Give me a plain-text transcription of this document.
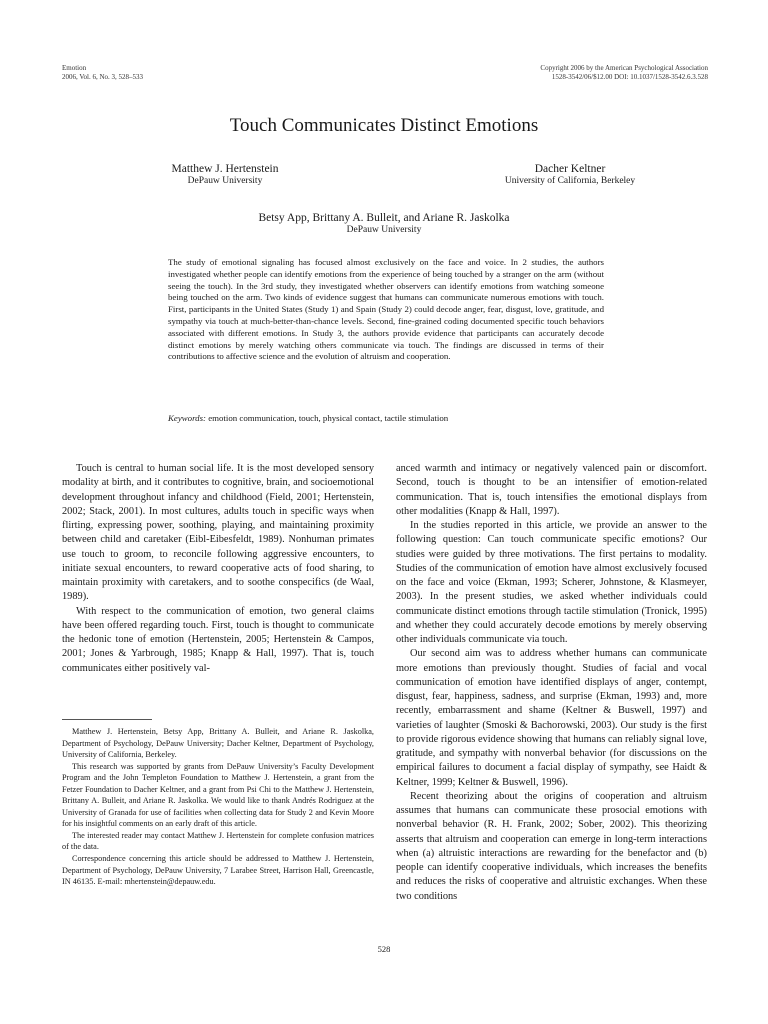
Emotion
2006, Vol. 6, No. 3, 528–533
Copyright 2006 by the American Psychological Association
1528-3542/06/$12.00 DOI: 10.1037/1528-3542.6.3.528
Touch Communicates Distinct Emotions
Matthew J. Hertenstein
DePauw University
Dacher Keltner
University of California, Berkeley
Betsy App, Brittany A. Bulleit, and Ariane R. Jaskolka
DePauw University
The study of emotional signaling has focused almost exclusively on the face and voice. In 2 studies, the authors investigated whether people can identify emotions from the experience of being touched by a stranger on the arm (without seeing the touch). In the 3rd study, they investigated whether observers can identify emotions from watching someone being touched on the arm. Two kinds of evidence suggest that humans can communicate numerous emotions with touch. First, participants in the United States (Study 1) and Spain (Study 2) could decode anger, fear, disgust, love, gratitude, and sympathy via touch at much-better-than-chance levels. Second, fine-grained coding documented specific touch behaviors associated with different emotions. In Study 3, the authors provide evidence that participants can accurately decode distinct emotions by merely watching others communicate via touch. The findings are discussed in terms of their contributions to affective science and the evolution of altruism and cooperation.
Keywords: emotion communication, touch, physical contact, tactile stimulation

Touch is central to human social life. It is the most developed sensory modality at birth, and it contributes to cognitive, brain, and socioemotional development throughout infancy and childhood (Field, 2001; Hertenstein, 2002; Stack, 2001). In most cultures, adults touch in specific ways when flirting, expressing power, soothing, playing, and maintaining proximity between child and caretaker (Eibl-Eibesfeldt, 1989). Nonhuman primates use touch to groom, to reconcile following aggressive encounters, to initiate sexual encounters, to reward cooperative acts of food sharing, to maintain proximity with caretakers, and to soothe conspecifics (de Waal, 1989).

With respect to the communication of emotion, two general claims have been offered regarding touch. First, touch is thought to communicate the hedonic tone of emotion (Hertenstein, 2005; Hertenstein & Campos, 2001; Jones & Yarbrough, 1985; Knapp & Hall, 1997). That is, touch communicates either positively val-

Matthew J. Hertenstein, Betsy App, Brittany A. Bulleit, and Ariane R. Jaskolka, Department of Psychology, DePauw University; Dacher Keltner, Department of Psychology, University of California, Berkeley.

This research was supported by grants from DePauw University’s Faculty Development Program and the John Templeton Foundation to Matthew J. Hertenstein, a grant from the Fetzer Foundation to Dacher Keltner, and a grant from Psi Chi to the Matthew J. Hertenstein, Brittany A. Bulleit, and Ariane R. Jaskolka. We would like to thank Andrés Rodriguez at the University of Granada for use of facilities when collecting data for Study 2 and Kevin Moore for his insightful comments on an early draft of this article.

The interested reader may contact Matthew J. Hertenstein for complete confusion matrices of the data.

Correspondence concerning this article should be addressed to Matthew J. Hertenstein, Department of Psychology, DePauw University, 7 Larabee Street, Harrison Hall, Greencastle, IN 46135. E-mail: mhertenstein@depauw.edu.

anced warmth and intimacy or negatively valenced pain or discomfort. Second, touch is thought to be an intensifier of emotion-related communication. That is, touch intensifies the emotional displays from other modalities (Knapp & Hall, 1997).

In the studies reported in this article, we provide an answer to the following question: Can touch communicate specific emotions? Our studies were guided by three motivations. The first pertains to modality. Studies of the communication of emotion have almost exclusively focused on the face and voice (Ekman, 1993; Scherer, Johnstone, & Klasmeyer, 2003). In the present studies, we asked whether individuals could communicate distinct emotions through tactile stimulation (Tronick, 1995) and whether they could accurately decode emotions by merely observing other individuals communicate via touch.

Our second aim was to address whether humans can communicate more emotions than previously thought. Studies of facial and vocal communication of emotion have identified displays of anger, contempt, disgust, fear, happiness, sadness, and surprise (Ekman, 1993) and, more recently, embarrassment and shame (Keltner & Buswell, 1997) and varieties of laughter (Smoski & Bachorowski, 2003). Our study is the first to provide rigorous evidence showing that humans can reliably signal love, gratitude, and sympathy with nonverbal behavior (for discussions on the empirical failures to document a facial display of sympathy, see Haidt & Keltner, 1999; Keltner & Buswell, 1996).

Recent theorizing about the origins of cooperation and altruism assumes that humans can communicate these prosocial emotions with nonverbal behavior (R. H. Frank, 2002; Sober, 2002). This theorizing asserts that altruism and cooperation can emerge in long-term interactions when (a) altruistic interactions are rewarding for the benefactor and (b) people can identify cooperative individuals, which increases the benefits and reduces the risks of cooperative and altruistic exchanges. When these two conditions

528
